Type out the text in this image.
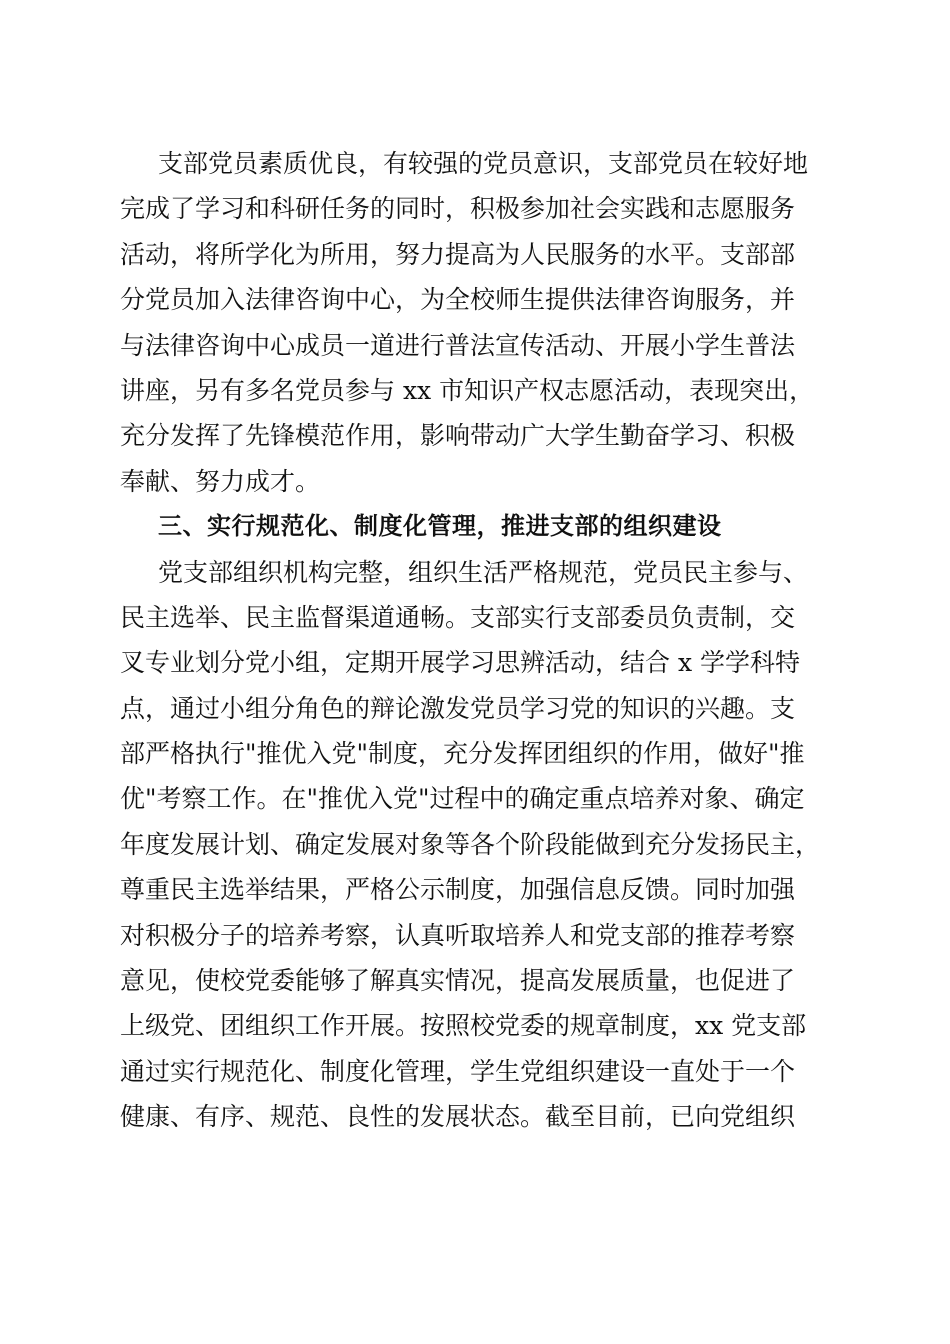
支部党员素质优良，有较强的党员意识，支部党员在较好地
完成了学习和科研任务的同时，积极参加社会实践和志愿服务
活动，将所学化为所用，努力提高为人民服务的水平。支部部
分党员加入法律咨询中心，为全校师生提供法律咨询服务，并
与法律咨询中心成员一道进行普法宣传活动、开展小学生普法
讲座，另有多名党员参与 xx 市知识产权志愿活动，表现突出，
充分发挥了先锋模范作用，影响带动广大学生勤奋学习、积极
奉献、努力成才。
三、实行规范化、制度化管理，推进支部的组织建设
党支部组织机构完整，组织生活严格规范，党员民主参与、
民主选举、民主监督渠道通畅。支部实行支部委员负责制，交
叉专业划分党小组，定期开展学习思辨活动，结合 x 学学科特
点，通过小组分角色的辩论激发党员学习党的知识的兴趣。支
部严格执行"推优入党"制度，充分发挥团组织的作用，做好"推
优"考察工作。在"推优入党"过程中的确定重点培养对象、确定
年度发展计划、确定发展对象等各个阶段能做到充分发扬民主，
尊重民主选举结果，严格公示制度，加强信息反馈。同时加强
对积极分子的培养考察，认真听取培养人和党支部的推荐考察
意见，使校党委能够了解真实情况，提高发展质量，也促进了
上级党、团组织工作开展。按照校党委的规章制度，xx 党支部
通过实行规范化、制度化管理，学生党组织建设一直处于一个
健康、有序、规范、良性的发展状态。截至目前，已向党组织
